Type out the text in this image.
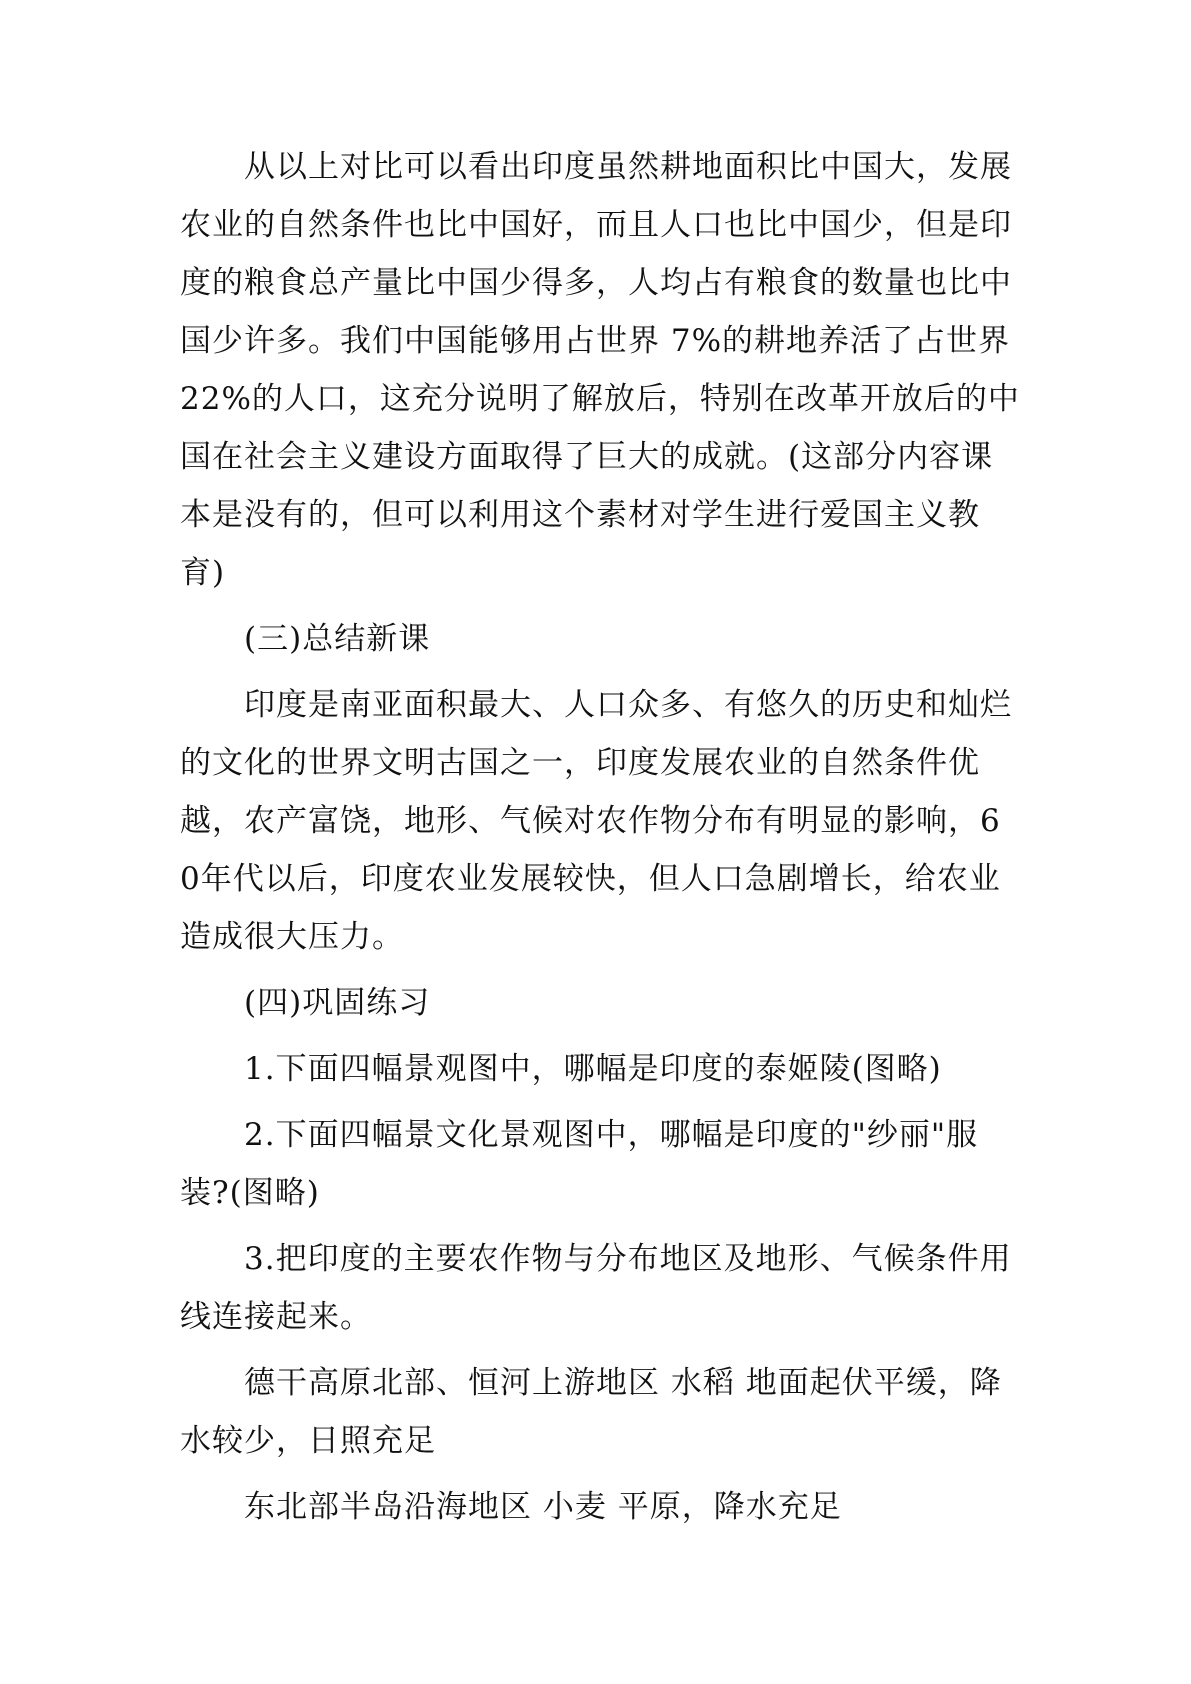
从以上对比可以看出印度虽然耕地面积比中国大，发展农业的自然条件也比中国好，而且人口也比中国少，但是印度的粮食总产量比中国少得多，人均占有粮食的数量也比中国少许多。我们中国能够用占世界 7%的耕地养活了占世界22%的人口，这充分说明了解放后，特别在改革开放后的中国在社会主义建设方面取得了巨大的成就。(这部分内容课本是没有的，但可以利用这个素材对学生进行爱国主义教育)

(三)总结新课

印度是南亚面积最大、人口众多、有悠久的历史和灿烂的文化的世界文明古国之一，印度发展农业的自然条件优越，农产富饶，地形、气候对农作物分布有明显的影响，60年代以后，印度农业发展较快，但人口急剧增长，给农业造成很大压力。

(四)巩固练习

1.下面四幅景观图中，哪幅是印度的泰姬陵(图略)

2.下面四幅景文化景观图中，哪幅是印度的"纱丽"服装?(图略)

3.把印度的主要农作物与分布地区及地形、气候条件用线连接起来。

德干高原北部、恒河上游地区 水稻 地面起伏平缓，降水较少，日照充足

东北部半岛沿海地区 小麦 平原，降水充足
